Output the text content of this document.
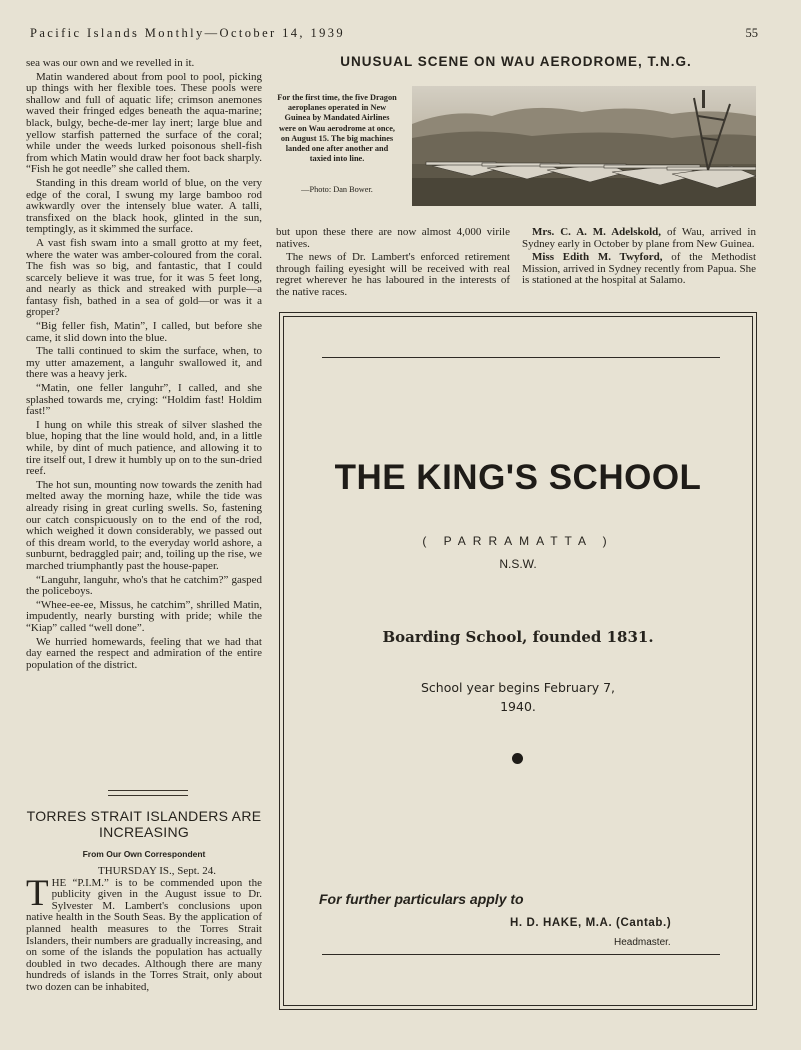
Pacific Islands Monthly—October 14, 1939	55

sea was our own and we revelled in it.

Matin wandered about from pool to pool, picking up things with her flexible toes. These pools were shallow and full of aquatic life; crimson anemones waved their fringed edges beneath the aqua-marine; black, bulgy, beche-de-mer lay inert; large blue and yellow starfish patterned the surface of the coral; while under the weeds lurked poisonous shell-fish from which Matin would draw her foot back sharply. “Fish he got needle” she called them.

Standing in this dream world of blue, on the very edge of the coral, I swung my large bamboo rod awkwardly over the intensely blue water. A talli, transfixed on the black hook, glinted in the sun, temptingly, as it skimmed the surface.

A vast fish swam into a small grotto at my feet, where the water was amber-coloured from the coral. The fish was so big, and fantastic, that I could scarcely believe it was true, for it was 5 feet long, and nearly as thick and streaked with purple—a fantasy fish, bathed in a sea of gold—or was it a groper?

“Big feller fish, Matin”, I called, but before she came, it slid down into the blue.

The talli continued to skim the surface, when, to my utter amazement, a languhr swallowed it, and there was a heavy jerk.

“Matin, one feller languhr”, I called, and she splashed towards me, crying: “Holdim fast! Holdim fast!”

I hung on while this streak of silver slashed the blue, hoping that the line would hold, and, in a little while, by dint of much patience, and allowing it to tire itself out, I drew it humbly up on to the sun-dried reef.

The hot sun, mounting now towards the zenith had melted away the morning haze, while the tide was already rising in great curling swells. So, fastening our catch conspicuously on to the end of the rod, which weighed it down considerably, we passed out of this dream world, to the everyday world ashore, a sunburnt, bedraggled pair; and, toiling up the rise, we marched triumphantly past the house-paper.

“Languhr, languhr, who's that he catchim?” gasped the policeboys.

“Whee-ee-ee, Missus, he catchim”, shrilled Matin, impudently, nearly bursting with pride; while the “Kiap” called “well done”.

We hurried homewards, feeling that we had that day earned the respect and admiration of the entire population of the district.

TORRES STRAIT ISLANDERS ARE
INCREASING
From Our Own Correspondent

THURSDAY IS., Sept. 24.

THE “P.I.M.” is to be commended upon the publicity given in the August issue to Dr. Sylvester M. Lambert's conclusions upon native health in the South Seas. By the application of planned health measures to the Torres Strait Islanders, their numbers are gradually increasing, and on some of the islands the population has actually doubled in two decades. Although there are many hundreds of islands in the Torres Strait, only about two dozen can be inhabited,

UNUSUAL SCENE ON WAU AERODROME, T.N.G.
For the first time, the five Dragon aeroplanes operated in New Guinea by Mandated Airlines were on Wau aerodrome at once, on August 15. The big machines landed one after another and taxied into line.
—Photo: Dan Bower.

but upon these there are now almost 4,000 virile natives.

The news of Dr. Lambert's enforced retirement through failing eyesight will be received with real regret wherever he has laboured in the interests of the native races.

Mrs. C. A. M. Adelskold, of Wau, arrived in Sydney early in October by plane from New Guinea.

Miss Edith M. Twyford, of the Methodist Mission, arrived in Sydney recently from Papua. She is stationed at the hospital at Salamo.

THE KING'S SCHOOL
( PARRAMATTA )
N.S.W.
Boarding School, founded 1831.
School year begins February 7,
1940.
For further particulars apply to
H. D. HAKE, M.A. (Cantab.)
Headmaster.
